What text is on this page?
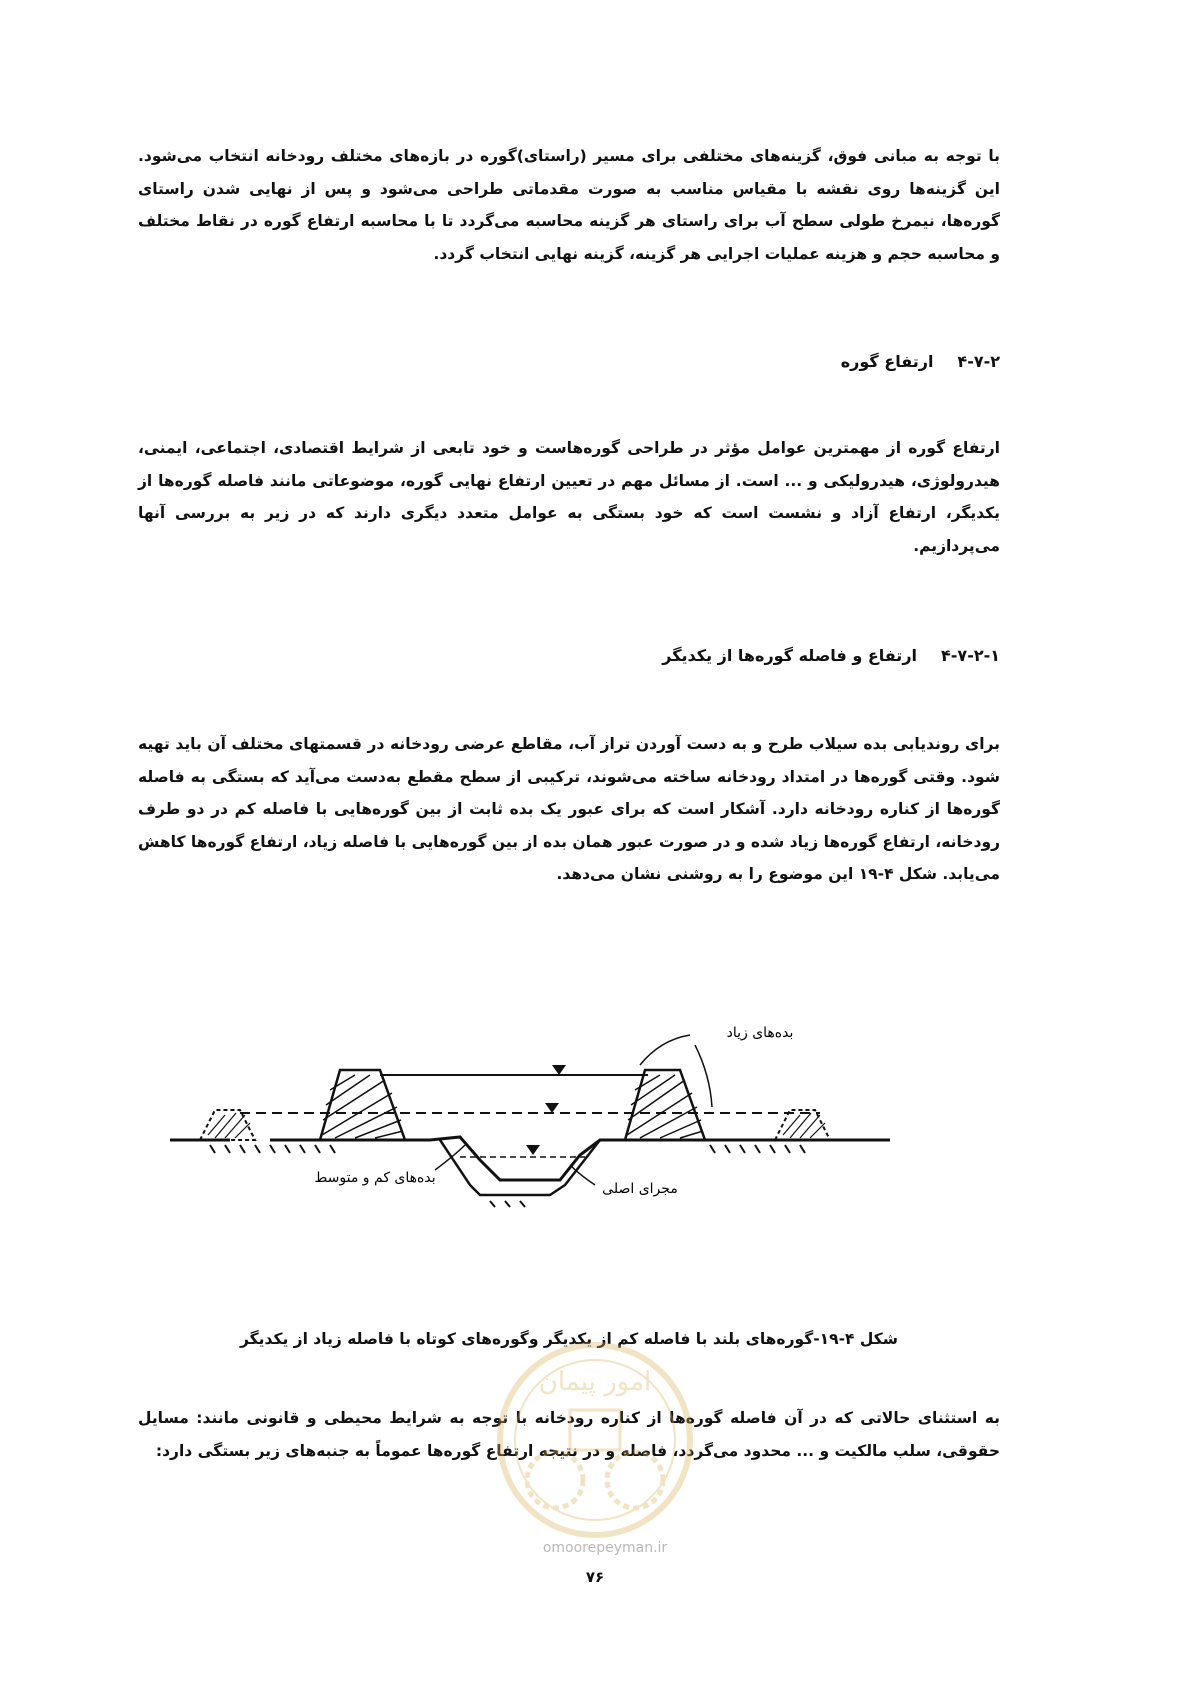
با توجه به مبانی فوق، گزینه‌های مختلفی برای مسیر (راستای)گوره در بازه‌های مختلف رودخانه انتخاب می‌شود. این گزینه‌ها روی نقشه با مقیاس مناسب به صورت مقدماتی طراحی می‌شود و پس از نهایی شدن راستای گوره‌ها، نیمرخ طولی سطح آب برای راستای هر گزینه محاسبه می‌گردد تا با محاسبه ارتفاع گوره در نقاط مختلف و محاسبه حجم و هزینه عملیات اجرایی هر گزینه، گزینه نهایی انتخاب گردد.

۴-۷-۲ارتفاع گوره

ارتفاع گوره از مهمترین عوامل مؤثر در طراحی گوره‌هاست و خود تابعی از شرایط اقتصادی، اجتماعی، ایمنی، هیدرولوژی، هیدرولیکی و ... است. از مسائل مهم در تعیین ارتفاع نهایی گوره، موضوعاتی مانند فاصله گوره‌ها از یکدیگر، ارتفاع آزاد و نشست است که خود بستگی به عوامل متعدد دیگری دارند که در زیر به بررسی آنها می‌پردازیم.

۴-۷-۲-۱ارتفاع و فاصله گوره‌ها از یکدیگر

برای روندیابی بده سیلاب طرح و به دست آوردن تراز آب، مقاطع عرضی رودخانه در قسمتهای مختلف آن باید تهیه شود. وقتی گوره‌ها در امتداد رودخانه ساخته می‌شوند، ترکیبی از سطح مقطع به‌دست می‌آید که بستگی به فاصله گوره‌ها از کناره رودخانه دارد. آشکار است که برای عبور یک بده ثابت از بین گوره‌هایی با فاصله کم در دو طرف رودخانه، ارتفاع گوره‌ها زیاد شده و در صورت عبور همان بده از بین گوره‌هایی با فاصله زیاد، ارتفاع گوره‌ها کاهش می‌یابد. شکل ۴-۱۹ این موضوع را به روشنی نشان می‌دهد.

بده‌های زیاد
بده‌های کم و متوسط
مجرای اصلی
شکل ۴-۱۹-گوره‌های بلند با فاصله کم از یکدیگر وگوره‌های کوتاه با فاصله زیاد از یکدیگر

به استثنای حالاتی که در آن فاصله گوره‌ها از کناره رودخانه با توجه به شرایط محیطی و قانونی مانند: مسایل حقوقی، سلب مالکیت و ... محدود می‌گردد، فاصله و در نتیجه ارتفاع گوره‌ها عموماً به جنبه‌های زیر بستگی دارد:

امور پیمان
omoorepeyman.ir
۷۶
